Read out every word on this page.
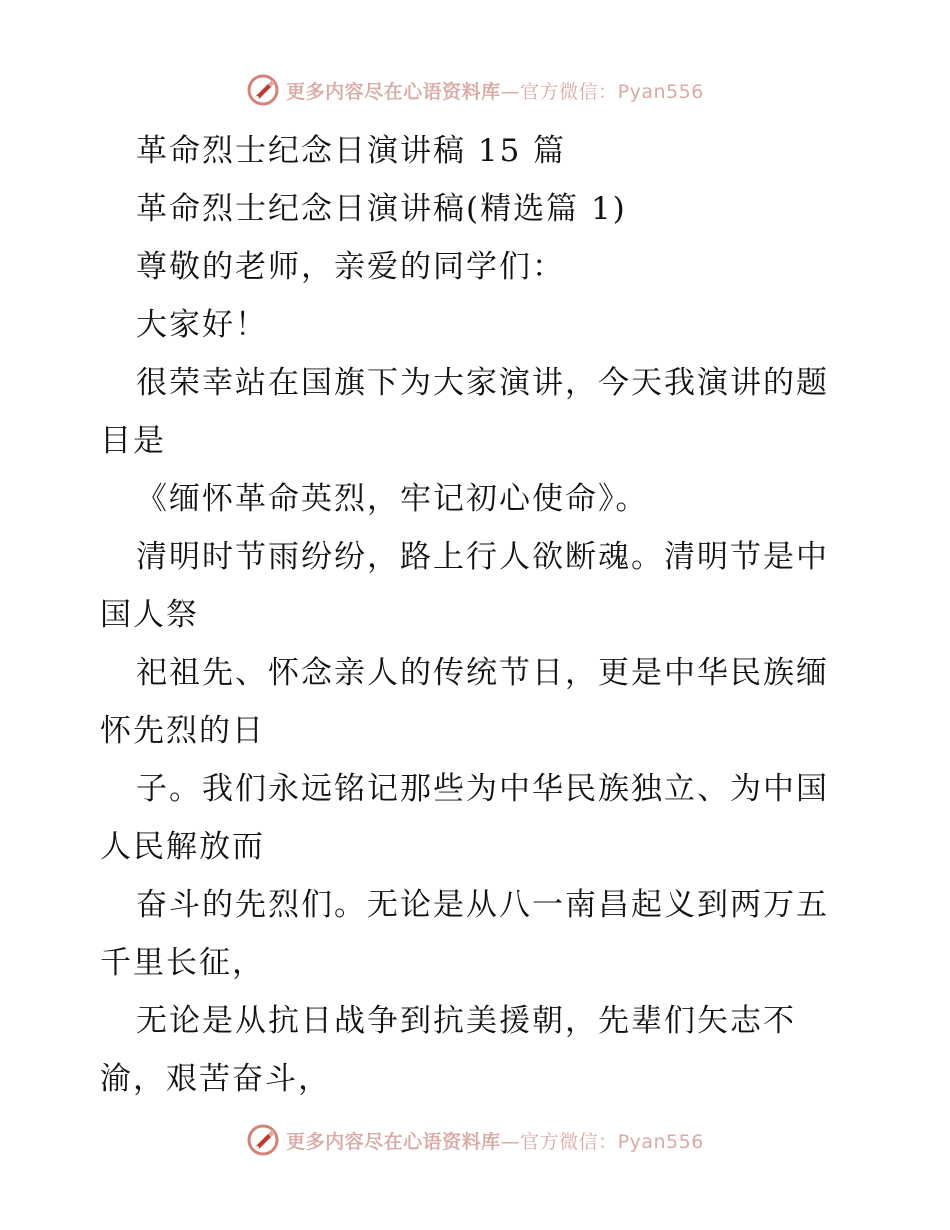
更多内容尽在心语资料库—官方微信：Pyan556
革命烈士纪念日演讲稿 15 篇
革命烈士纪念日演讲稿(精选篇 1)
尊敬的老师，亲爱的同学们：
大家好！
很荣幸站在国旗下为大家演讲，今天我演讲的题
目是
《缅怀革命英烈，牢记初心使命》。
清明时节雨纷纷，路上行人欲断魂。清明节是中
国人祭
祀祖先、怀念亲人的传统节日，更是中华民族缅
怀先烈的日
子。我们永远铭记那些为中华民族独立、为中国
人民解放而
奋斗的先烈们。无论是从八一南昌起义到两万五
千里长征，
无论是从抗日战争到抗美援朝，先辈们矢志不
渝，艰苦奋斗，
更多内容尽在心语资料库—官方微信：Pyan556
